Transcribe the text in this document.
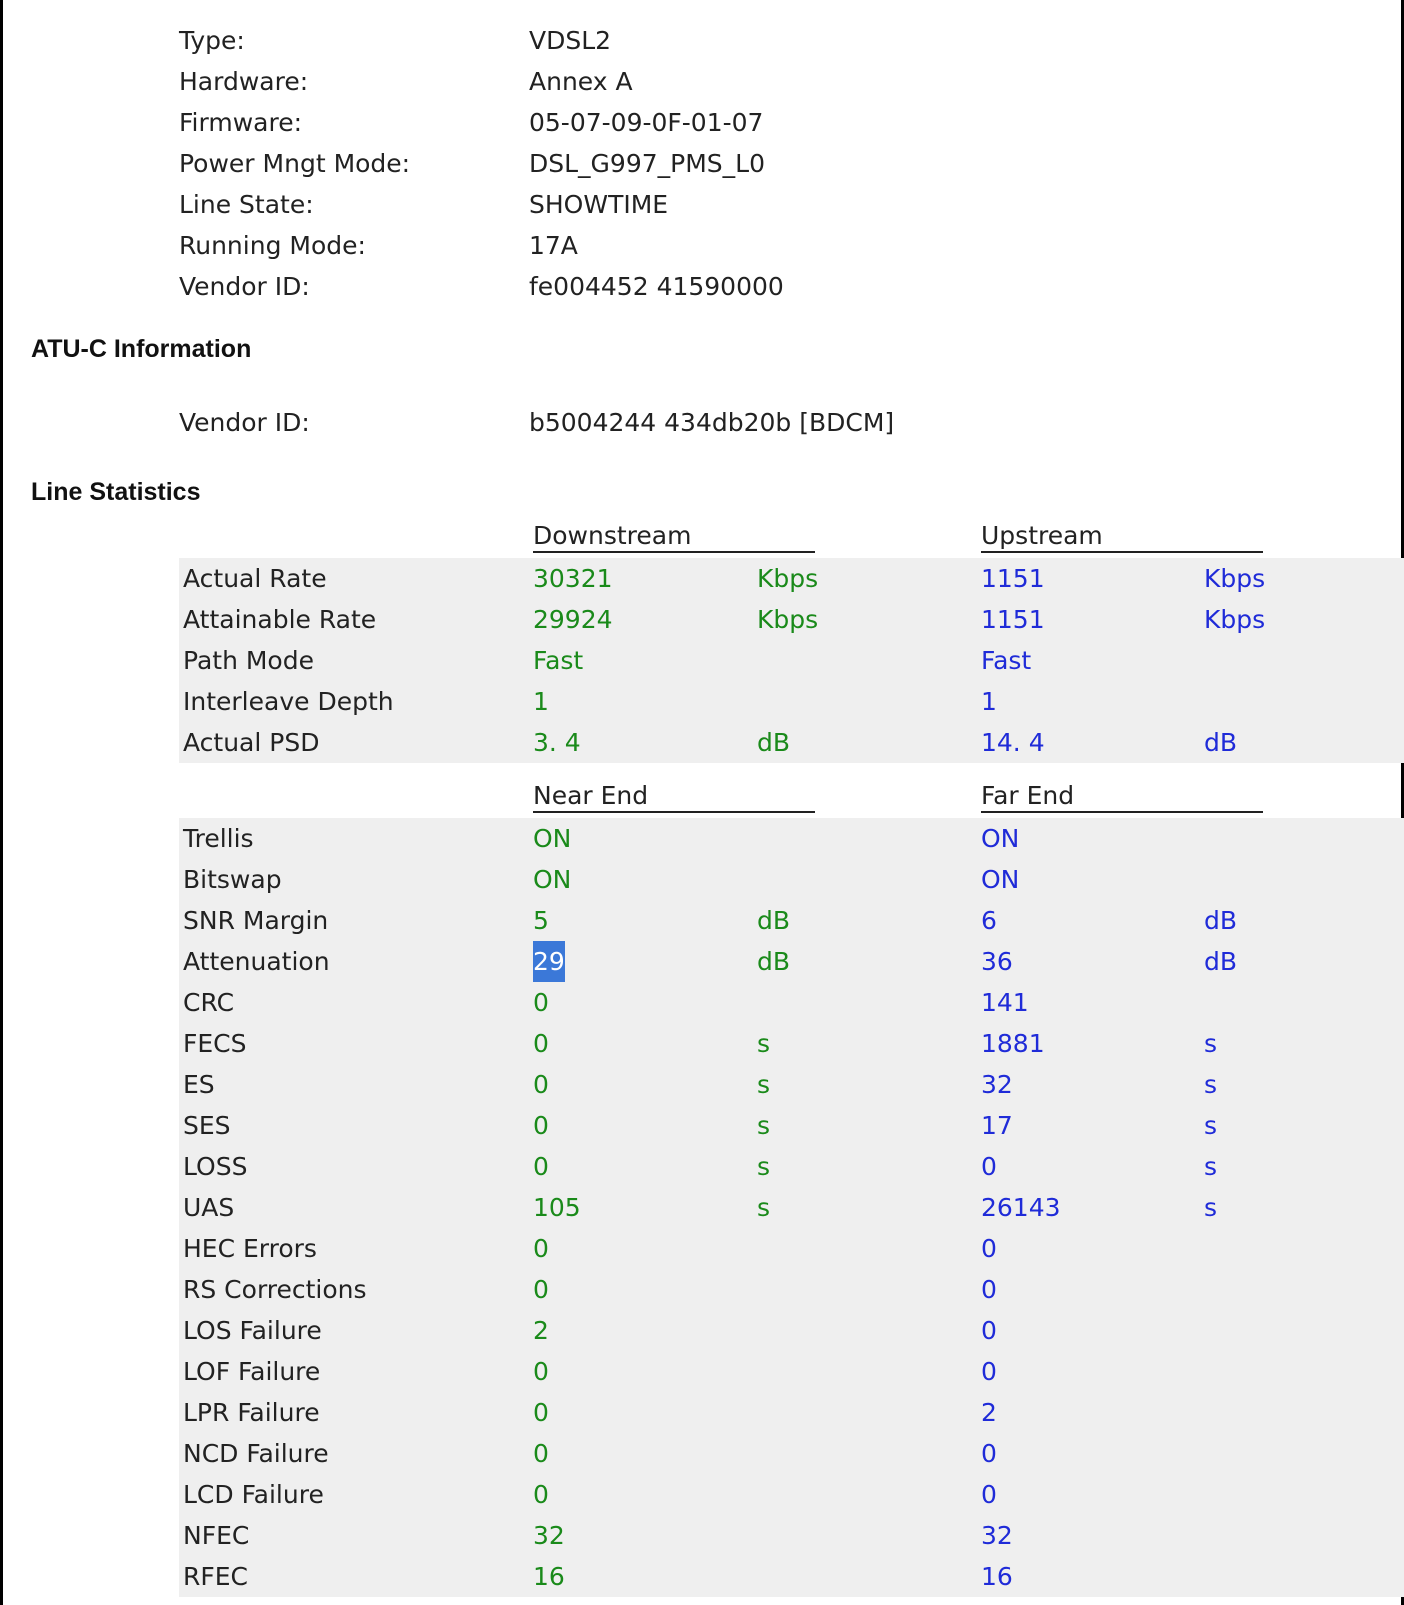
Type:	VDSL2
Hardware:	Annex A
Firmware:	05-07-09-0F-01-07
Power Mngt Mode:	DSL_G997_PMS_L0
Line State:	SHOWTIME
Running Mode:	17A
Vendor ID:	fe004452 41590000
ATU-C Information
Vendor ID:	b5004244 434db20b [BDCM]
Line Statistics
Downstream	Upstream
Actual Rate	30321	Kbps	1151	Kbps
Attainable Rate	29924	Kbps	1151	Kbps
Path Mode	Fast	Fast
Interleave Depth	1	1
Actual PSD	3. 4	dB	14. 4	dB
Near End	Far End
Trellis	ON	ON
Bitswap	ON	ON
SNR Margin	5	dB	6	dB
Attenuation	29	dB	36	dB
CRC	0	141
FECS	0	s	1881	s
ES	0	s	32	s
SES	0	s	17	s
LOSS	0	s	0	s
UAS	105	s	26143	s
HEC Errors	0	0
RS Corrections	0	0
LOS Failure	2	0
LOF Failure	0	0
LPR Failure	0	2
NCD Failure	0	0
LCD Failure	0	0
NFEC	32	32
RFEC	16	16
